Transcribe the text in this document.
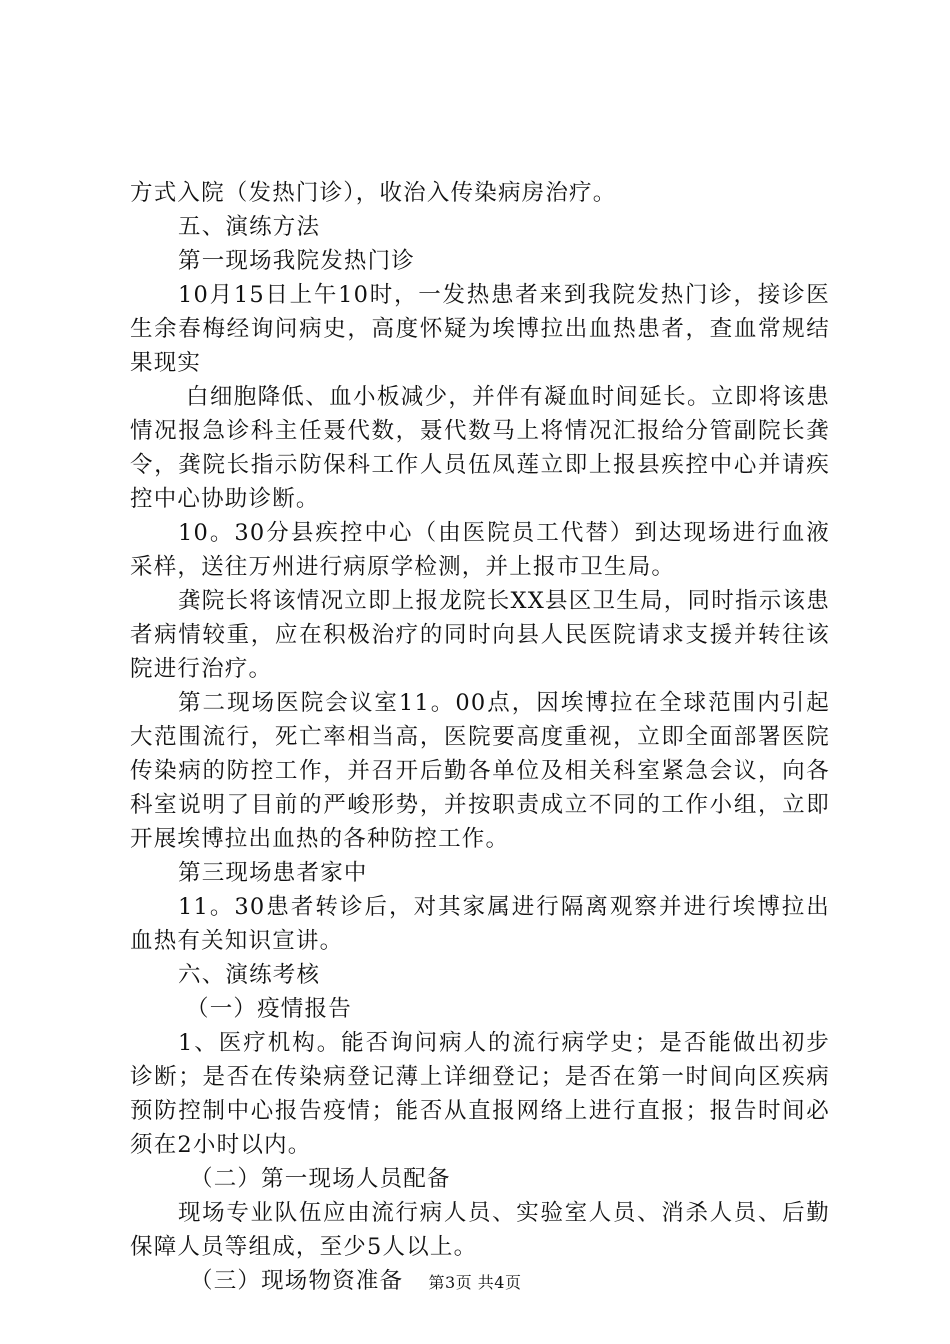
方式入院（发热门诊），收治入传染病房治疗。

五、演练方法

第一现场我院发热门诊

10月15日上午10时，一发热患者来到我院发热门诊，接诊医生余春梅经询问病史，高度怀疑为埃博拉出血热患者，查血常规结果现实

白细胞降低、血小板减少，并伴有凝血时间延长。立即将该患情况报急诊科主任聂代数，聂代数马上将情况汇报给分管副院长龚令，龚院长指示防保科工作人员伍凤莲立即上报县疾控中心并请疾控中心协助诊断。

10。30分县疾控中心（由医院员工代替）到达现场进行血液采样，送往万州进行病原学检测，并上报市卫生局。

龚院长将该情况立即上报龙院长XX县区卫生局，同时指示该患者病情较重，应在积极治疗的同时向县人民医院请求支援并转往该院进行治疗。

第二现场医院会议室11。00点，因埃博拉在全球范围内引起大范围流行，死亡率相当高，医院要高度重视，立即全面部署医院传染病的防控工作，并召开后勤各单位及相关科室紧急会议，向各科室说明了目前的严峻形势，并按职责成立不同的工作小组，立即开展埃博拉出血热的各种防控工作。

第三现场患者家中

11。30患者转诊后，对其家属进行隔离观察并进行埃博拉出血热有关知识宣讲。

六、演练考核

（一）疫情报告

1、医疗机构。能否询问病人的流行病学史；是否能做出初步诊断；是否在传染病登记薄上详细登记；是否在第一时间向区疾病预防控制中心报告疫情；能否从直报网络上进行直报；报告时间必须在2小时以内。

（二）第一现场人员配备

现场专业队伍应由流行病人员、实验室人员、消杀人员、后勤保障人员等组成，至少5人以上。

（三）现场物资准备	第3页 共4页
